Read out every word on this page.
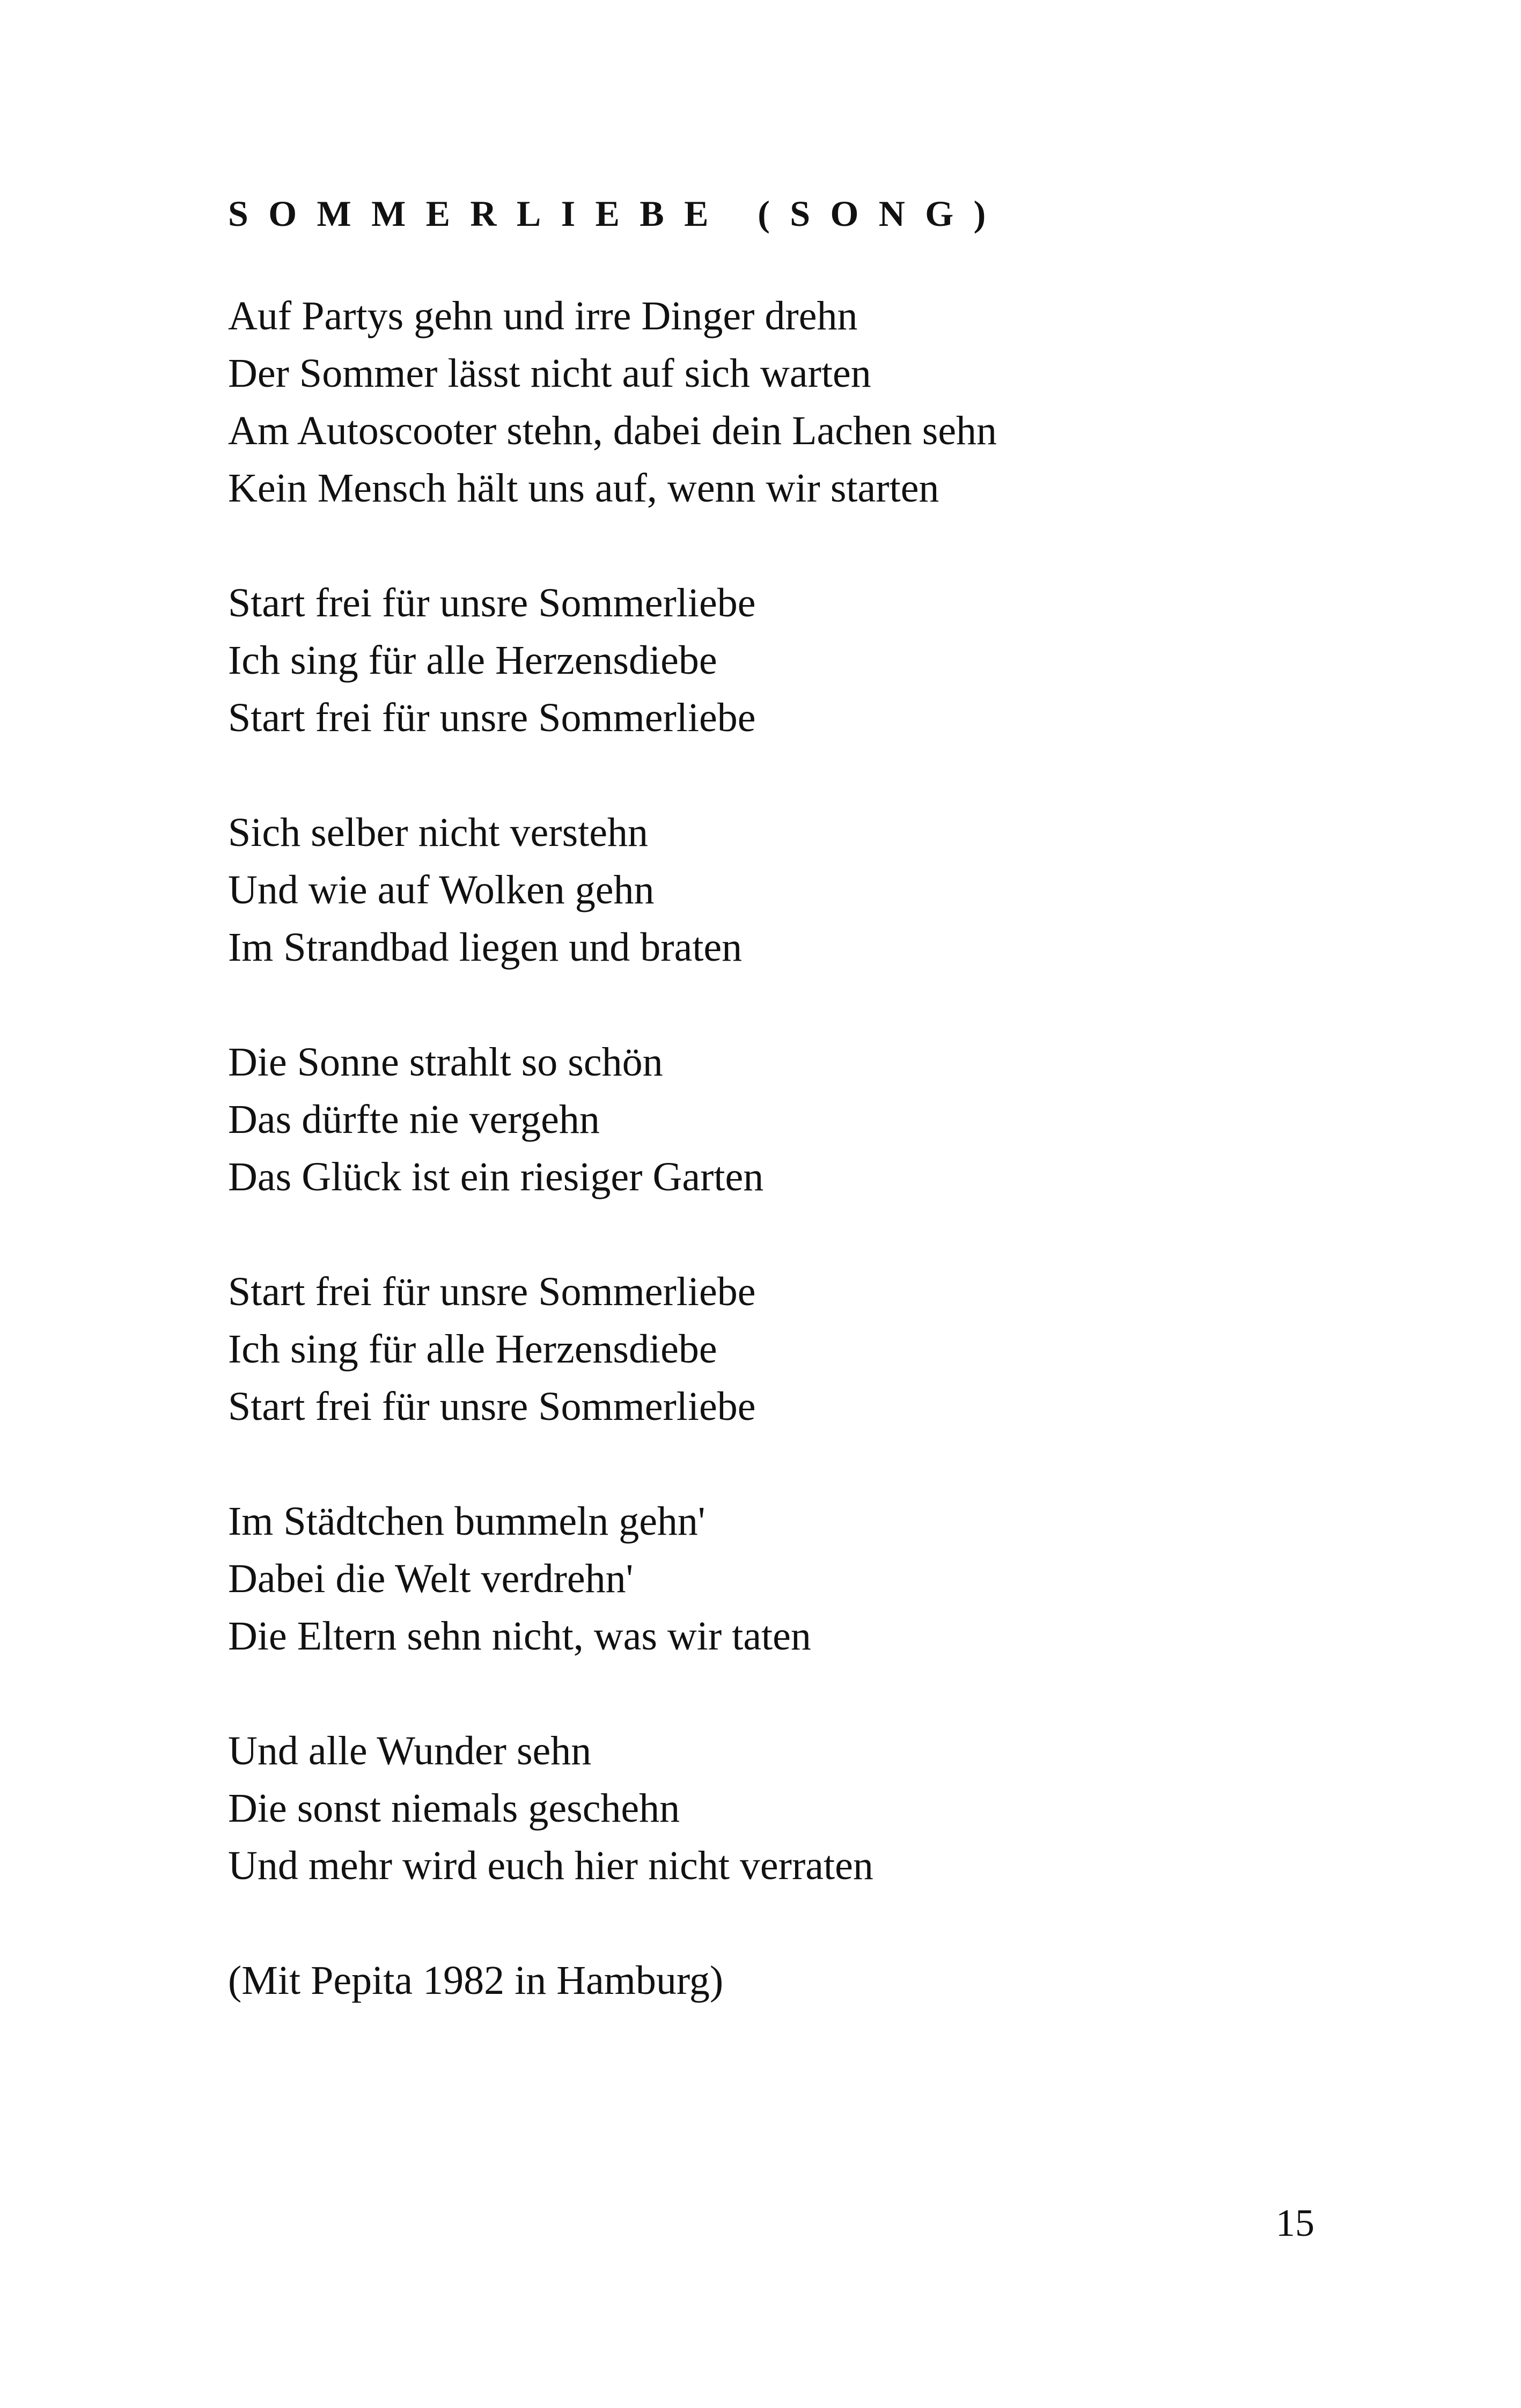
SOMMERLIEBE (SONG)
Auf Partys gehn und irre Dinger drehn
Der Sommer lässt nicht auf sich warten
Am Autoscooter stehn, dabei dein Lachen sehn
Kein Mensch hält uns auf, wenn wir starten
Start frei für unsre Sommerliebe
Ich sing für alle Herzensdiebe
Start frei für unsre Sommerliebe
Sich selber nicht verstehn
Und wie auf Wolken gehn
Im Strandbad liegen und braten
Die Sonne strahlt so schön
Das dürfte nie vergehn
Das Glück ist ein riesiger Garten
Start frei für unsre Sommerliebe
Ich sing für alle Herzensdiebe
Start frei für unsre Sommerliebe
Im Städtchen bummeln gehn'
Dabei die Welt verdrehn'
Die Eltern sehn nicht, was wir taten
Und alle Wunder sehn
Die sonst niemals geschehn
Und mehr wird euch hier nicht verraten
(Mit Pepita 1982 in Hamburg)
15
